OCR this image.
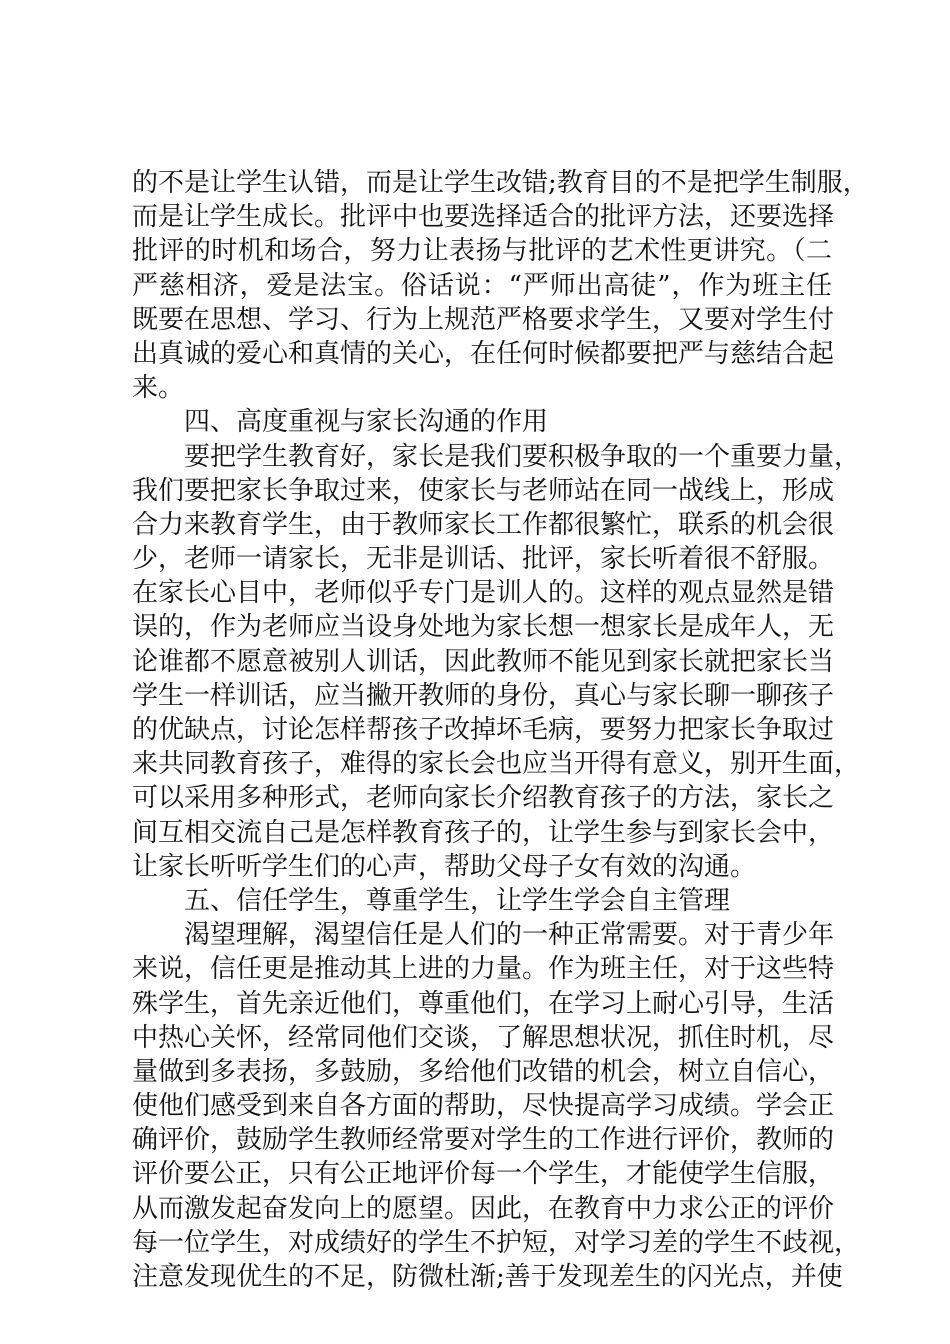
的不是让学生认错，而是让学生改错;教育目的不是把学生制服，
而是让学生成长。批评中也要选择适合的批评方法，还要选择
批评的时机和场合，努力让表扬与批评的艺术性更讲究。（二
严慈相济，爱是法宝。俗话说：“严师出高徒”，作为班主任
既要在思想、学习、行为上规范严格要求学生，又要对学生付
出真诚的爱心和真情的关心，在任何时候都要把严与慈结合起
来。
四、高度重视与家长沟通的作用
要把学生教育好，家长是我们要积极争取的一个重要力量，
我们要把家长争取过来，使家长与老师站在同一战线上，形成
合力来教育学生，由于教师家长工作都很繁忙，联系的机会很
少，老师一请家长，无非是训话、批评，家长听着很不舒服。
在家长心目中，老师似乎专门是训人的。这样的观点显然是错
误的，作为老师应当设身处地为家长想一想家长是成年人，无
论谁都不愿意被别人训话，因此教师不能见到家长就把家长当
学生一样训话，应当撇开教师的身份，真心与家长聊一聊孩子
的优缺点，讨论怎样帮孩子改掉坏毛病，要努力把家长争取过
来共同教育孩子，难得的家长会也应当开得有意义，别开生面，
可以采用多种形式，老师向家长介绍教育孩子的方法，家长之
间互相交流自己是怎样教育孩子的，让学生参与到家长会中，
让家长听听学生们的心声，帮助父母子女有效的沟通。
五、信任学生，尊重学生，让学生学会自主管理
渴望理解，渴望信任是人们的一种正常需要。对于青少年
来说，信任更是推动其上进的力量。作为班主任，对于这些特
殊学生，首先亲近他们，尊重他们，在学习上耐心引导，生活
中热心关怀，经常同他们交谈，了解思想状况，抓住时机，尽
量做到多表扬，多鼓励，多给他们改错的机会，树立自信心，
使他们感受到来自各方面的帮助，尽快提高学习成绩。学会正
确评价，鼓励学生教师经常要对学生的工作进行评价，教师的
评价要公正，只有公正地评价每一个学生，才能使学生信服，
从而激发起奋发向上的愿望。因此，在教育中力求公正的评价
每一位学生，对成绩好的学生不护短，对学习差的学生不歧视，
注意发现优生的不足，防微杜渐;善于发现差生的闪光点，并使
